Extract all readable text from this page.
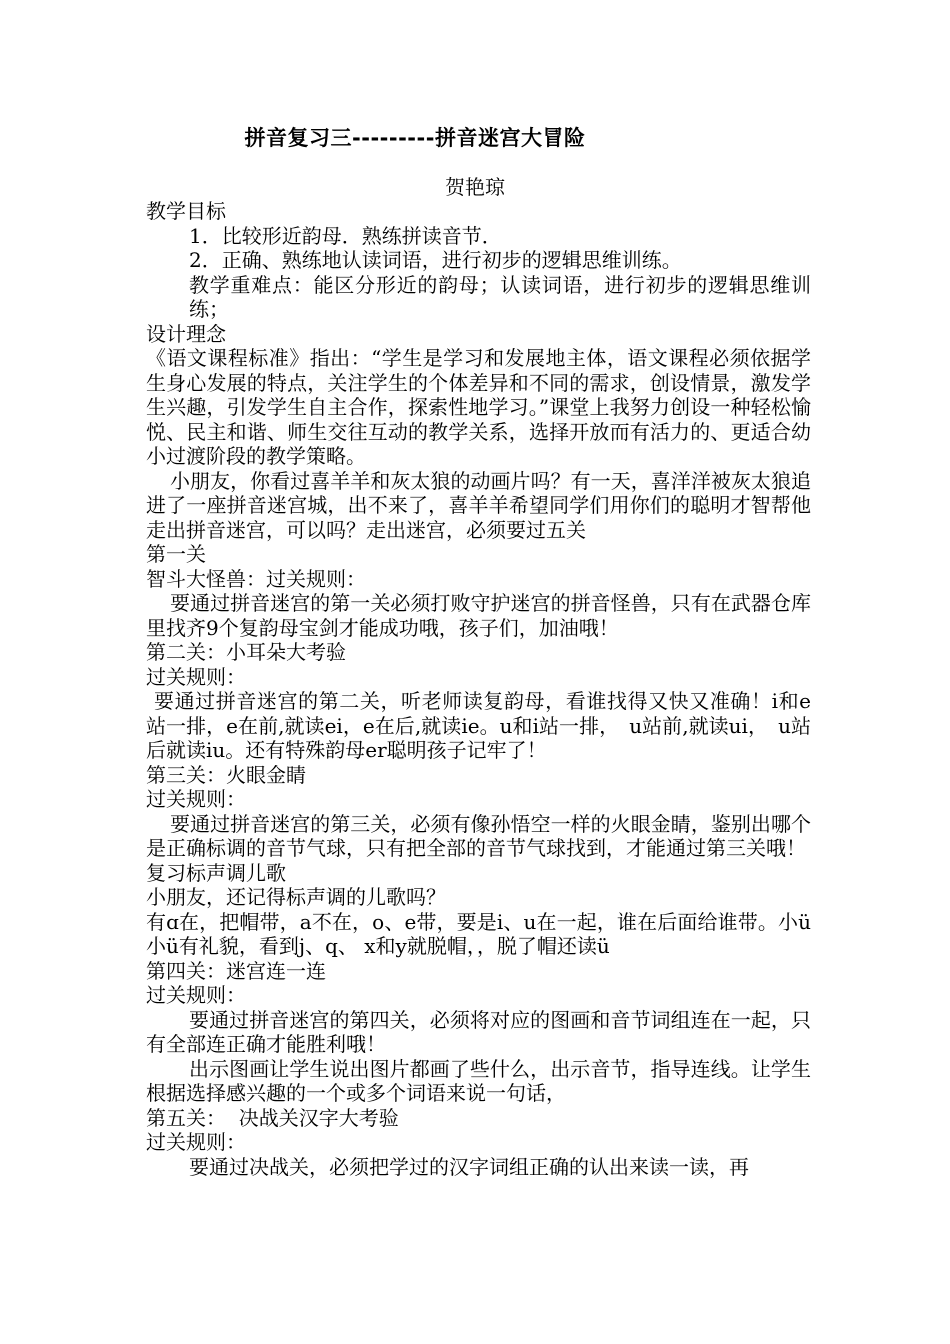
拼音复习三---------拼音迷宫大冒险
贺艳琼

教学目标

1．比较形近韵母．熟练拼读音节．

2．正确、熟练地认读词语，进行初步的逻辑思维训练。

教学重难点：能区分形近的韵母；认读词语，进行初步的逻辑思维训练；

设计理念

《语文课程标准》指出：“学生是学习和发展地主体，语文课程必须依据学生身心发展的特点，关注学生的个体差异和不同的需求，创设情景，激发学生兴趣，引发学生自主合作，探索性地学习。”课堂上我努力创设一种轻松愉悦、民主和谐、师生交往互动的教学关系，选择开放而有活力的、更适合幼小过渡阶段的教学策略。

小朋友，你看过喜羊羊和灰太狼的动画片吗？有一天，喜洋洋被灰太狼追进了一座拼音迷宫城，出不来了，喜羊羊希望同学们用你们的聪明才智帮他走出拼音迷宫，可以吗？走出迷宫，必须要过五关

第一关

智斗大怪兽：过关规则：

要通过拼音迷宫的第一关必须打败守护迷宫的拼音怪兽，只有在武器仓库里找齐9个复韵母宝剑才能成功哦，孩子们，加油哦！

第二关：小耳朵大考验

过关规则：

要通过拼音迷宫的第二关，听老师读复韵母，看谁找得又快又准确！i和e站一排，e在前,就读ei，e在后,就读ie。u和i站一排，　u站前,就读ui，　u站后就读iu。还有特殊韵母er聪明孩子记牢了！

第三关：火眼金睛

过关规则：

要通过拼音迷宫的第三关，必须有像孙悟空一样的火眼金睛，鉴别出哪个是正确标调的音节气球，只有把全部的音节气球找到，才能通过第三关哦！

复习标声调儿歌

小朋友，还记得标声调的儿歌吗？

有ɑ在，把帽带，a不在，o、e带，要是i、u在一起，谁在后面给谁带。小ü小ü有礼貌，看到j、q、 x和y就脱帽，，脱了帽还读ü

第四关：迷宫连一连

过关规则：

要通过拼音迷宫的第四关，必须将对应的图画和音节词组连在一起，只有全部连正确才能胜利哦！

出示图画让学生说出图片都画了些什么，出示音节，指导连线。让学生根据选择感兴趣的一个或多个词语来说一句话，

第五关：  决战关汉字大考验

过关规则：

要通过决战关，必须把学过的汉字词组正确的认出来读一读，再
